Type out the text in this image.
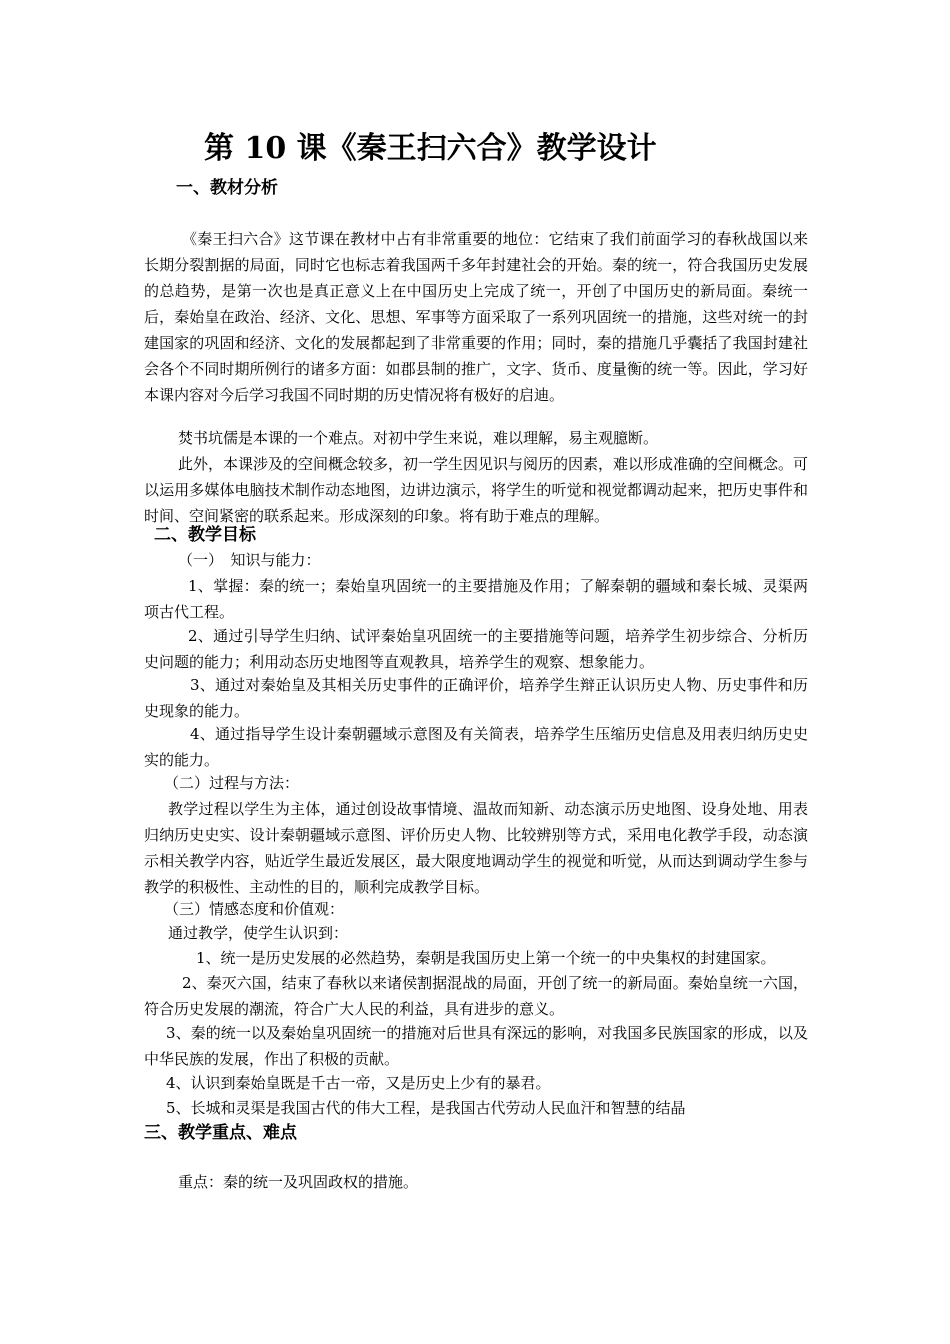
第 10 课《秦王扫六合》教学设计
一、教材分析
《秦王扫六合》这节课在教材中占有非常重要的地位：它结束了我们前面学习的春秋战国以来长期分裂割据的局面，同时它也标志着我国两千多年封建社会的开始。秦的统一，符合我国历史发展的总趋势，是第一次也是真正意义上在中国历史上完成了统一，开创了中国历史的新局面。秦统一后，秦始皇在政治、经济、文化、思想、军事等方面采取了一系列巩固统一的措施，这些对统一的封建国家的巩固和经济、文化的发展都起到了非常重要的作用；同时，秦的措施几乎囊括了我国封建社会各个不同时期所例行的诸多方面：如郡县制的推广，文字、货币、度量衡的统一等。因此，学习好本课内容对今后学习我国不同时期的历史情况将有极好的启迪。
焚书坑儒是本课的一个难点。对初中学生来说，难以理解，易主观臆断。
此外，本课涉及的空间概念较多，初一学生因见识与阅历的因素，难以形成准确的空间概念。可以运用多媒体电脑技术制作动态地图，边讲边演示，将学生的听觉和视觉都调动起来，把历史事件和时间、空间紧密的联系起来。形成深刻的印象。将有助于难点的理解。
二、教学目标
（一）　知识与能力：
1、掌握：秦的统一；秦始皇巩固统一的主要措施及作用；了解秦朝的疆域和秦长城、灵渠两项古代工程。
2、通过引导学生归纳、试评秦始皇巩固统一的主要措施等问题，培养学生初步综合、分析历史问题的能力；利用动态历史地图等直观教具，培养学生的观察、想象能力。
3、通过对秦始皇及其相关历史事件的正确评价，培养学生辩正认识历史人物、历史事件和历史现象的能力。
4、通过指导学生设计秦朝疆域示意图及有关简表，培养学生压缩历史信息及用表归纳历史史实的能力。
（二）过程与方法：
教学过程以学生为主体，通过创设故事情境、温故而知新、动态演示历史地图、设身处地、用表归纳历史史实、设计秦朝疆域示意图、评价历史人物、比较辨别等方式，采用电化教学手段，动态演示相关教学内容，贴近学生最近发展区，最大限度地调动学生的视觉和听觉，从而达到调动学生参与教学的积极性、主动性的目的，顺利完成教学目标。
（三）情感态度和价值观：
通过教学，使学生认识到：
1、统一是历史发展的必然趋势，秦朝是我国历史上第一个统一的中央集权的封建国家。
2、秦灭六国，结束了春秋以来诸侯割据混战的局面，开创了统一的新局面。秦始皇统一六国，符合历史发展的潮流，符合广大人民的利益，具有进步的意义。
3、秦的统一以及秦始皇巩固统一的措施对后世具有深远的影响，对我国多民族国家的形成，以及中华民族的发展，作出了积极的贡献。
4、认识到秦始皇既是千古一帝，又是历史上少有的暴君。
5、长城和灵渠是我国古代的伟大工程，是我国古代劳动人民血汗和智慧的结晶
三、教学重点、难点
重点：秦的统一及巩固政权的措施。
